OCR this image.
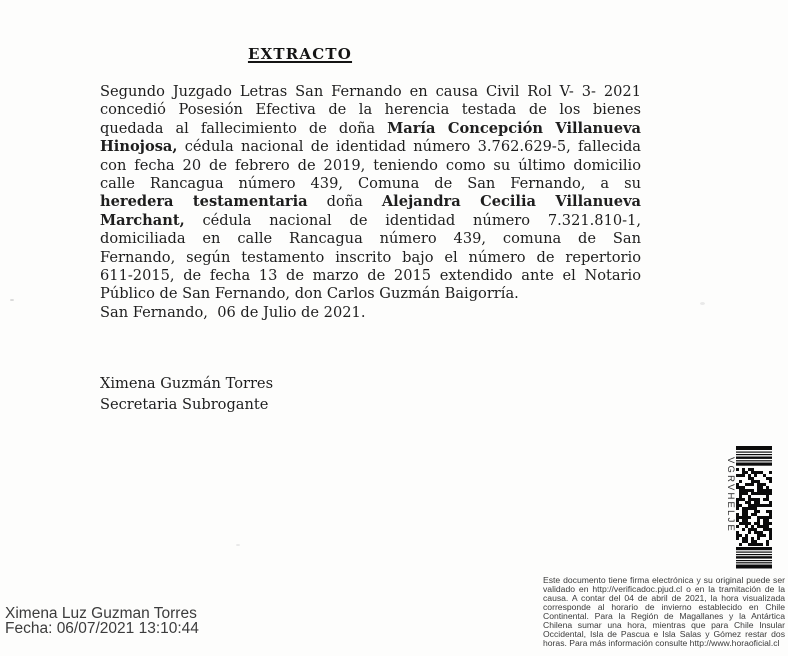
EXTRACTO
Segundo Juzgado Letras San Fernando en causa Civil Rol V- 3- 2021
concedió Posesión Efectiva de la herencia testada de los bienes
quedada al fallecimiento de doña María Concepción Villanueva
Hinojosa, cédula nacional de identidad número 3.762.629-5, fallecida
con fecha 20 de febrero de 2019, teniendo como su último domicilio
calle Rancagua número 439, Comuna de San Fernando, a su
heredera testamentaria doña Alejandra Cecilia Villanueva
Marchant, cédula nacional de identidad número 7.321.810-1,
domiciliada en calle Rancagua número 439, comuna de San
Fernando, según testamento inscrito bajo el número de repertorio
611-2015, de fecha 13 de marzo de 2015 extendido ante el Notario
Público de San Fernando, don Carlos Guzmán Baigorría.
San Fernando,  06 de Julio de 2021.
Ximena Guzmán Torres
Secretaria Subrogante
VGRVHELJE
Este documento tiene firma electrónica y su original puede ser
validado en http://verificadoc.pjud.cl o en la tramitación de la
causa. A contar del 04 de abril de 2021, la hora visualizada
corresponde al horario de invierno establecido en Chile
Continental. Para la Región de Magallanes y la Antártica
Chilena sumar una hora, mientras que para Chile Insular
Occidental, Isla de Pascua e Isla Salas y Gómez restar dos
horas. Para más información consulte http://www.horaoficial.cl
Ximena Luz Guzman Torres
Fecha: 06/07/2021 13:10:44
